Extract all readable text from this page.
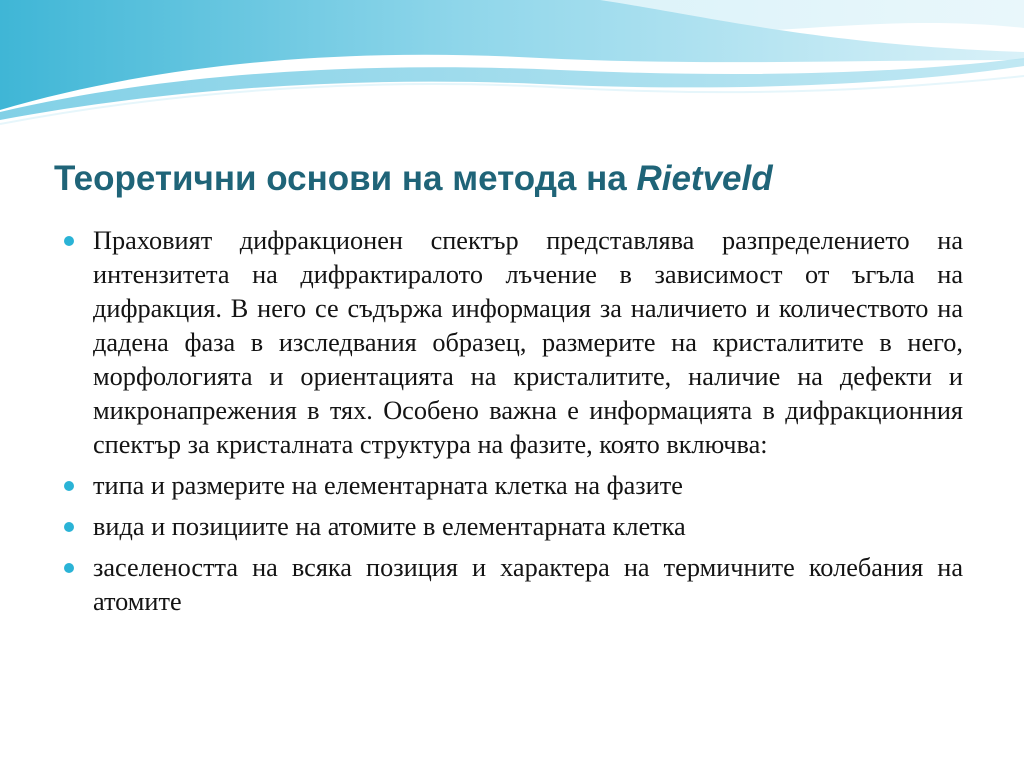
Теоретични основи на метода на Rietveld
Праховият дифракционен спектър представлява разпределението на интензитета на дифрактиралото лъчение в зависимост от ъгъла на дифракция. В него се съдържа информация за наличието и количеството на дадена фаза в изследвания образец, размерите на кристалитите в него, морфологията и ориентацията на кристалитите, наличие на дефекти и микронапрежения в тях. Особено важна е информацията в дифракционния спектър за кристалната структура на фазите, която включва:
типа и размерите на елементарната клетка на фазите
вида и позициите на атомите в елементарната клетка
заселеността на всяка позиция и характера на термичните колебания на атомите
